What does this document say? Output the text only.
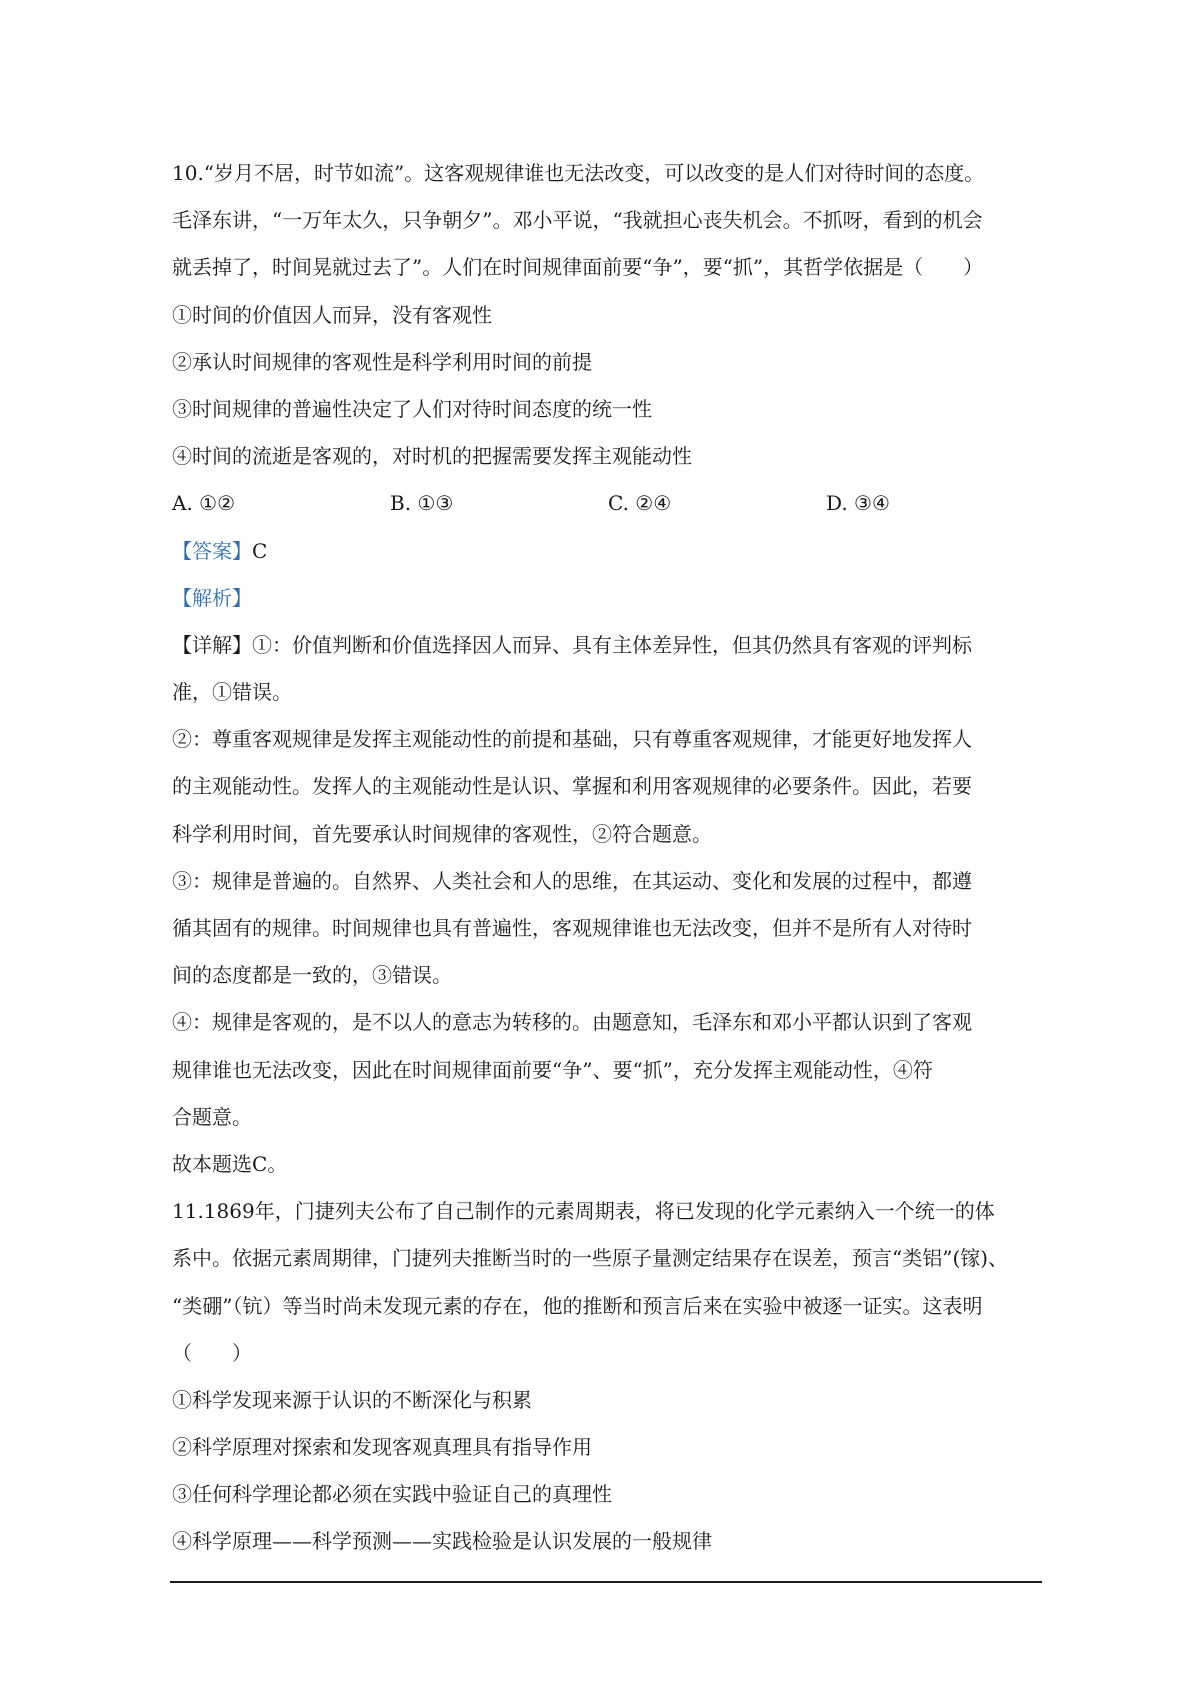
10.“岁月不居，时节如流”。这客观规律谁也无法改变，可以改变的是人们对待时间的态度。
毛泽东讲，“一万年太久，只争朝夕”。邓小平说，“我就担心丧失机会。不抓呀，看到的机会
就丢掉了，时间晃就过去了”。人们在时间规律面前要“争”，要“抓”，其哲学依据是（　　）
①时间的价值因人而异，没有客观性
②承认时间规律的客观性是科学利用时间的前提
③时间规律的普遍性决定了人们对待时间态度的统一性
④时间的流逝是客观的，对时机的把握需要发挥主观能动性
A. ①②	B. ①③	C. ②④	D. ③④
【答案】C
【解析】
【详解】①：价值判断和价值选择因人而异、具有主体差异性，但其仍然具有客观的评判标
准，①错误。
②：尊重客观规律是发挥主观能动性的前提和基础，只有尊重客观规律，才能更好地发挥人
的主观能动性。发挥人的主观能动性是认识、掌握和利用客观规律的必要条件。因此，若要
科学利用时间，首先要承认时间规律的客观性，②符合题意。
③：规律是普遍的。自然界、人类社会和人的思维，在其运动、变化和发展的过程中，都遵
循其固有的规律。时间规律也具有普遍性，客观规律谁也无法改变，但并不是所有人对待时
间的态度都是一致的，③错误。
④：规律是客观的，是不以人的意志为转移的。由题意知，毛泽东和邓小平都认识到了客观
规律谁也无法改变，因此在时间规律面前要“争”、要“抓”，充分发挥主观能动性，④符
合题意。
故本题选C。
11.1869年，门捷列夫公布了自己制作的元素周期表，将已发现的化学元素纳入一个统一的体
系中。依据元素周期律，门捷列夫推断当时的一些原子量测定结果存在误差，预言“类铝”(镓)、
“类硼”（钪）等当时尚未发现元素的存在，他的推断和预言后来在实验中被逐一证实。这表明
（　　）
①科学发现来源于认识的不断深化与积累
②科学原理对探索和发现客观真理具有指导作用
③任何科学理论都必须在实践中验证自己的真理性
④科学原理——科学预测——实践检验是认识发展的一般规律
